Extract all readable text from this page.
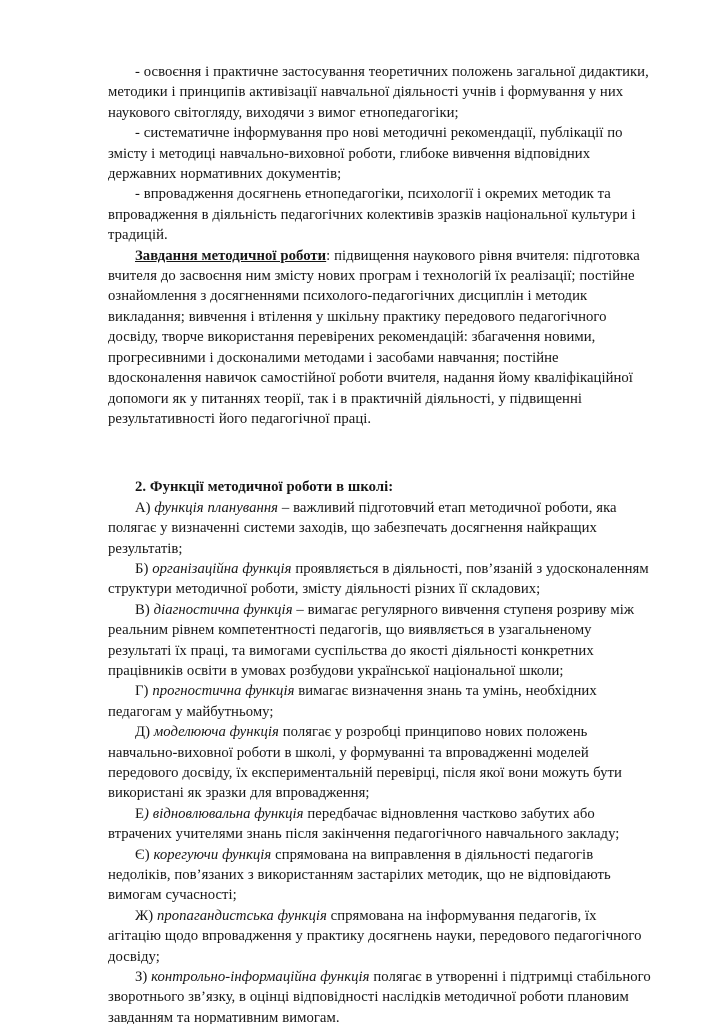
- освоєння і практичне застосування теоретичних положень загальної дидактики, методики і принципів активізації навчальної діяльності учнів і формування у них наукового світогляду, виходячи з вимог етнопедагогіки;

- систематичне інформування про нові методичні рекомендації, публікації по змісту і методиці навчально-виховної роботи, глибоке вивчення відповідних державних нормативних документів;

- впровадження досягнень етнопедагогіки, психології і окремих методик та впровадження в діяльність педагогічних колективів зразків національної культури і традицій.

Завдання методичної роботи: підвищення наукового рівня вчителя: підготовка вчителя до засвоєння ним змісту нових програм і технологій їх реалізації; постійне ознайомлення з досягненнями психолого-педагогічних дисциплін і методик викладання; вивчення і втілення у шкільну практику передового педагогічного досвіду, творче використання перевірених рекомендацій: збагачення новими, прогресивними і досконалими методами і засобами навчання; постійне вдосконалення навичок самостійної роботи вчителя, надання йому кваліфікаційної допомоги як у питаннях теорії, так і в практичній діяльності, у підвищенні результативності його педагогічної праці.

2. Функції методичної роботи в школі:

А) функція планування – важливий підготовчий етап методичної роботи, яка полягає у визначенні системи заходів, що забезпечать досягнення найкращих результатів;

Б) організаційна функція проявляється в діяльності, пов’язаній з удосконаленням структури методичної роботи, змісту діяльності різних її складових;

В) діагностична функція – вимагає регулярного вивчення ступеня розриву між реальним рівнем компетентності педагогів, що виявляється в узагальненому результаті їх праці, та вимогами суспільства до якості діяльності конкретних працівників освіти в умовах розбудови української національної школи;

Г) прогностична функція вимагає визначення знань та умінь, необхідних педагогам у майбутньому;

Д) моделююча функція полягає у розробці принципово нових положень навчально-виховної роботи в школі, у формуванні та впровадженні моделей передового досвіду, їх експериментальній перевірці, після якої вони можуть бути використані як зразки для впровадження;

Е) відновлювальна функція передбачає відновлення частково забутих або втрачених учителями знань після закінчення педагогічного навчального закладу;

Є) корегуючи функція спрямована на виправлення в діяльності педагогів недоліків, пов’язаних з використанням застарілих методик, що не відповідають вимогам сучасності;

Ж) пропагандистська функція спрямована на інформування педагогів, їх агітацію щодо впровадження у практику досягнень науки, передового педагогічного досвіду;

З) контрольно-інформаційна функція полягає в утворенні і підтримці стабільного зворотнього зв’язку, в оцінці відповідності наслідків методичної роботи плановим завданням та нормативним вимогам.
